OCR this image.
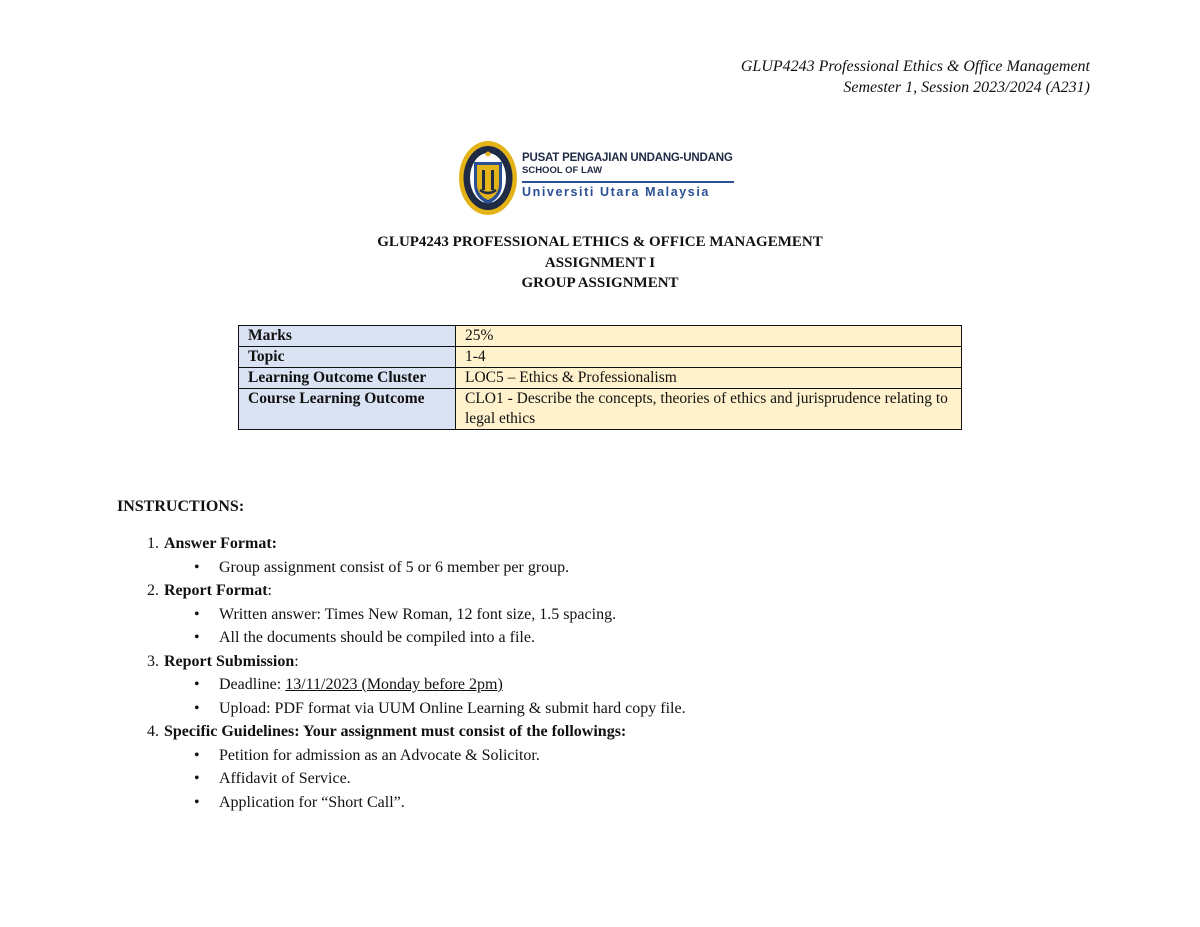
GLUP4243 Professional Ethics & Office Management
Semester 1, Session 2023/2024 (A231)
PUSAT PENGAJIAN UNDANG-UNDANG
SCHOOL OF LAW
Universiti Utara Malaysia
GLUP4243 PROFESSIONAL ETHICS & OFFICE MANAGEMENT
ASSIGNMENT I
GROUP ASSIGNMENT
Marks	25%
Topic	1-4
Learning Outcome Cluster	LOC5 – Ethics & Professionalism
Course Learning Outcome	CLO1 - Describe the concepts, theories of ethics and jurisprudence relating to legal ethics
INSTRUCTIONS:
1. Answer Format:
• Group assignment consist of 5 or 6 member per group.
2. Report Format:
• Written answer: Times New Roman, 12 font size, 1.5 spacing.
• All the documents should be compiled into a file.
3. Report Submission:
• Deadline: 13/11/2023 (Monday before 2pm)
• Upload: PDF format via UUM Online Learning & submit hard copy file.
4. Specific Guidelines: Your assignment must consist of the followings:
• Petition for admission as an Advocate & Solicitor.
• Affidavit of Service.
• Application for “Short Call”.
